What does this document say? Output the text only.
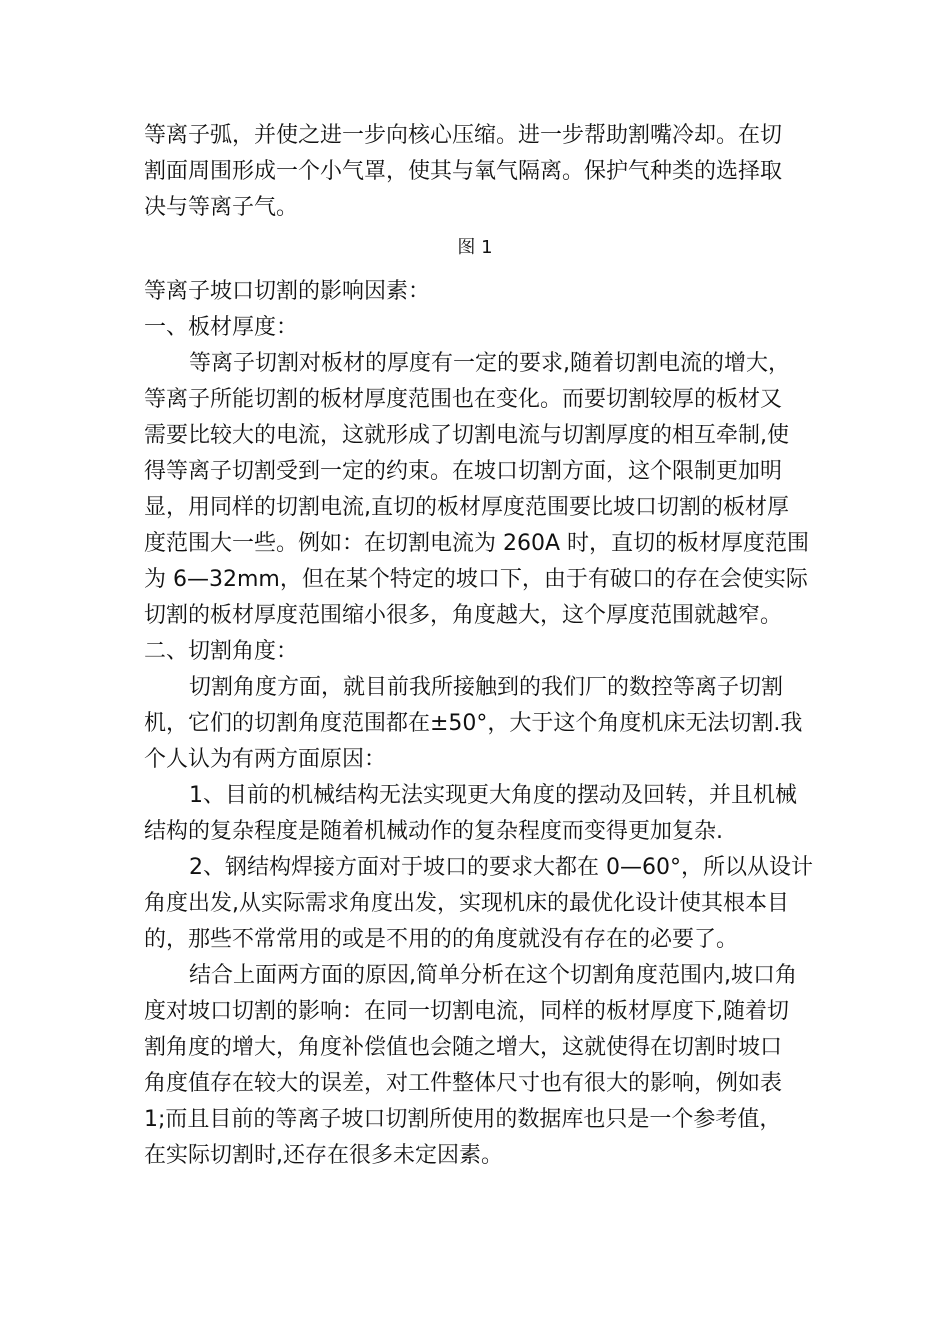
等离子弧，并使之进一步向核心压缩。进一步帮助割嘴冷却。在切
割面周围形成一个小气罩，使其与氧气隔离。保护气种类的选择取
决与等离子气。
图 1
等离子坡口切割的影响因素：
一、板材厚度：
等离子切割对板材的厚度有一定的要求,随着切割电流的增大，
等离子所能切割的板材厚度范围也在变化。而要切割较厚的板材又
需要比较大的电流，这就形成了切割电流与切割厚度的相互牵制,使
得等离子切割受到一定的约束。在坡口切割方面，这个限制更加明
显，用同样的切割电流,直切的板材厚度范围要比坡口切割的板材厚
度范围大一些。例如：在切割电流为 260A 时，直切的板材厚度范围
为 6—32mm，但在某个特定的坡口下，由于有破口的存在会使实际
切割的板材厚度范围缩小很多，角度越大，这个厚度范围就越窄。
二、切割角度：
切割角度方面，就目前我所接触到的我们厂的数控等离子切割
机，它们的切割角度范围都在±50°，大于这个角度机床无法切割.我
个人认为有两方面原因：
1、目前的机械结构无法实现更大角度的摆动及回转，并且机械
结构的复杂程度是随着机械动作的复杂程度而变得更加复杂.
2、钢结构焊接方面对于坡口的要求大都在 0—60°，所以从设计
角度出发,从实际需求角度出发，实现机床的最优化设计使其根本目
的，那些不常常用的或是不用的的角度就没有存在的必要了。
结合上面两方面的原因,简单分析在这个切割角度范围内,坡口角
度对坡口切割的影响：在同一切割电流，同样的板材厚度下,随着切
割角度的增大，角度补偿值也会随之增大，这就使得在切割时坡口
角度值存在较大的误差，对工件整体尺寸也有很大的影响，例如表
1;而且目前的等离子坡口切割所使用的数据库也只是一个参考值，
在实际切割时,还存在很多未定因素。
